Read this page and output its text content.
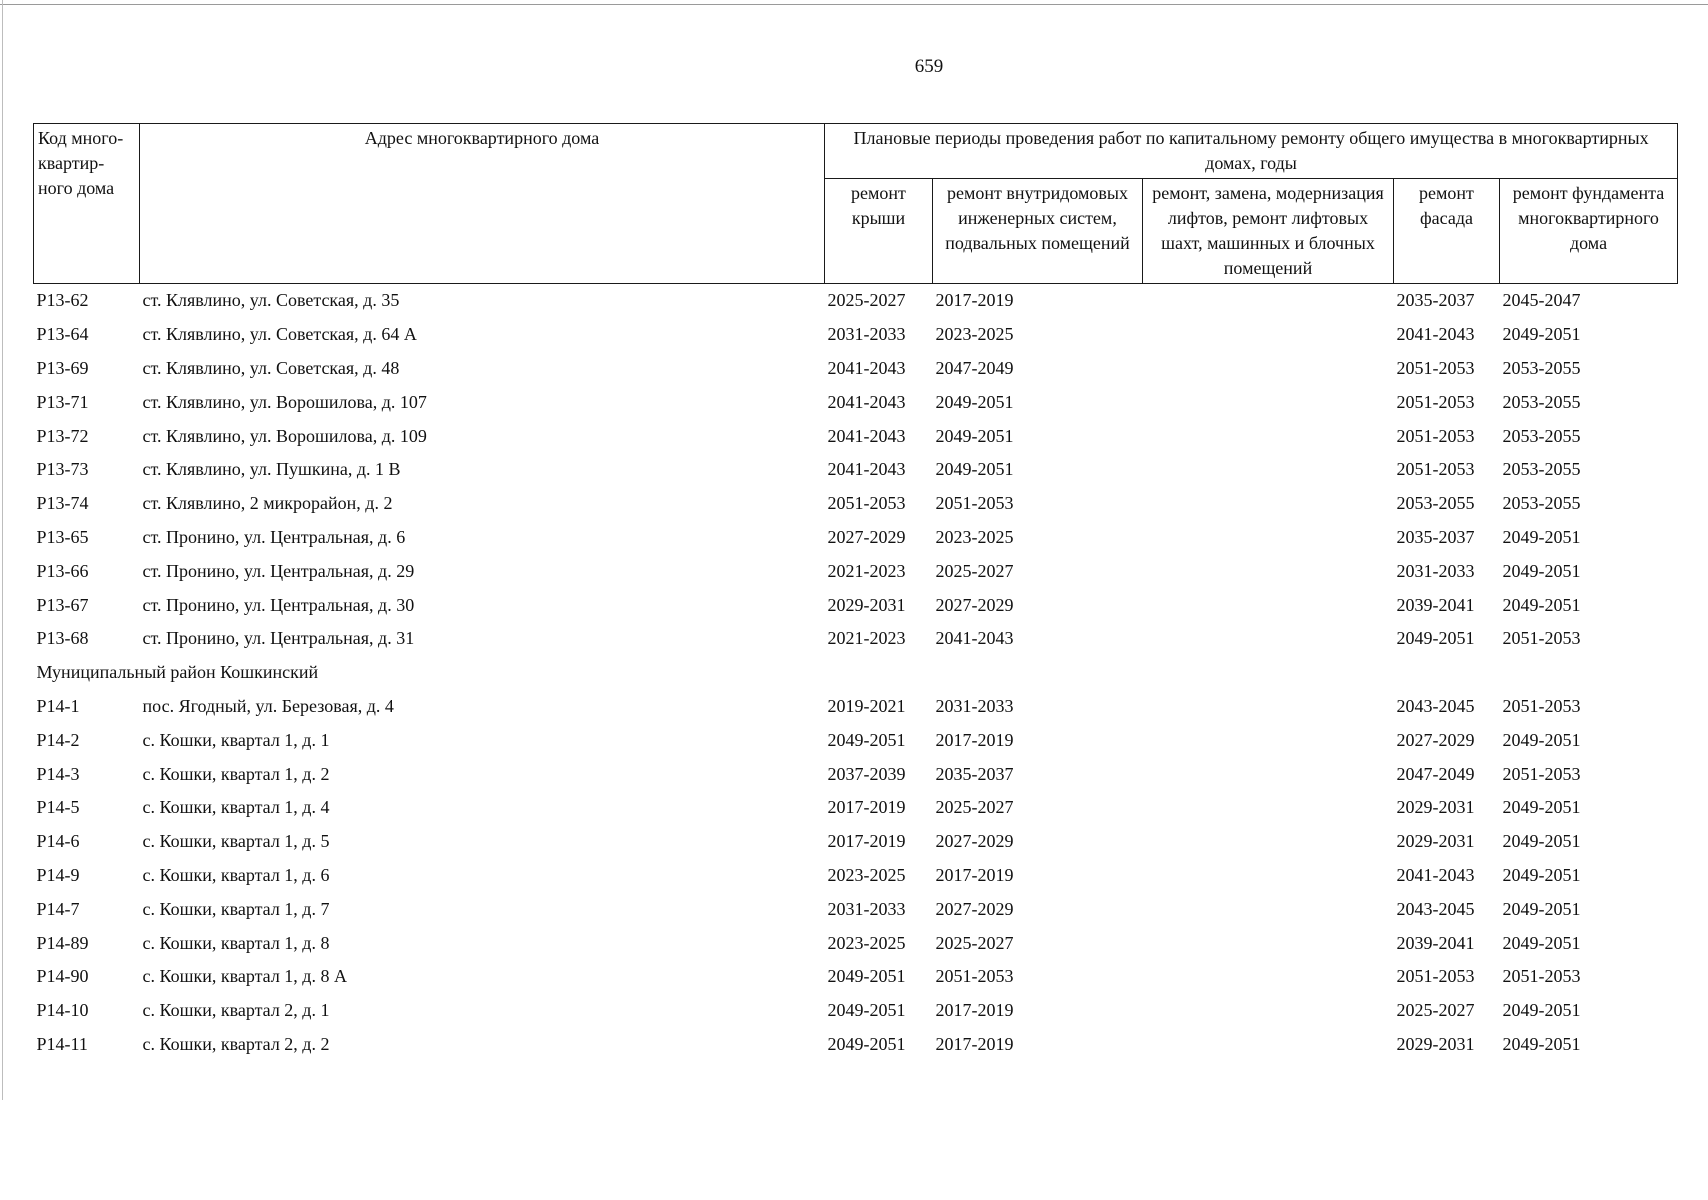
659
Код много-квартир-ного дома	Адрес многоквартирного дома	Плановые периоды проведения работ по капитальному ремонту общего имущества в многоквартирных домах, годы				
		ремонт крыши	ремонт внутридомовых инженерных систем, подвальных помещений	ремонт, замена, модернизация лифтов, ремонт лифтовых шахт, машинных и блочных помещений	ремонт фасада	ремонт фундамента многоквартирного дома
Р13-62	ст. Клявлино, ул. Советская, д. 35	2025-2027	2017-2019		2035-2037	2045-2047
Р13-64	ст. Клявлино, ул. Советская, д. 64 А	2031-2033	2023-2025		2041-2043	2049-2051
Р13-69	ст. Клявлино, ул. Советская, д. 48	2041-2043	2047-2049		2051-2053	2053-2055
Р13-71	ст. Клявлино, ул. Ворошилова, д. 107	2041-2043	2049-2051		2051-2053	2053-2055
Р13-72	ст. Клявлино, ул. Ворошилова, д. 109	2041-2043	2049-2051		2051-2053	2053-2055
Р13-73	ст. Клявлино, ул. Пушкина, д. 1 В	2041-2043	2049-2051		2051-2053	2053-2055
Р13-74	ст. Клявлино, 2 микрорайон, д. 2	2051-2053	2051-2053		2053-2055	2053-2055
Р13-65	ст. Пронино, ул. Центральная, д. 6	2027-2029	2023-2025		2035-2037	2049-2051
Р13-66	ст. Пронино, ул. Центральная, д. 29	2021-2023	2025-2027		2031-2033	2049-2051
Р13-67	ст. Пронино, ул. Центральная, д. 30	2029-2031	2027-2029		2039-2041	2049-2051
Р13-68	ст. Пронино, ул. Центральная, д. 31	2021-2023	2041-2043		2049-2051	2051-2053
Муниципальный район Кошкинский						
Р14-1	пос. Ягодный, ул. Березовая, д. 4	2019-2021	2031-2033		2043-2045	2051-2053
Р14-2	с. Кошки, квартал 1, д. 1	2049-2051	2017-2019		2027-2029	2049-2051
Р14-3	с. Кошки, квартал 1, д. 2	2037-2039	2035-2037		2047-2049	2051-2053
Р14-5	с. Кошки, квартал 1, д. 4	2017-2019	2025-2027		2029-2031	2049-2051
Р14-6	с. Кошки, квартал 1, д. 5	2017-2019	2027-2029		2029-2031	2049-2051
Р14-9	с. Кошки, квартал 1, д. 6	2023-2025	2017-2019		2041-2043	2049-2051
Р14-7	с. Кошки, квартал 1, д. 7	2031-2033	2027-2029		2043-2045	2049-2051
Р14-89	с. Кошки, квартал 1, д. 8	2023-2025	2025-2027		2039-2041	2049-2051
Р14-90	с. Кошки, квартал 1, д. 8 А	2049-2051	2051-2053		2051-2053	2051-2053
Р14-10	с. Кошки, квартал 2, д. 1	2049-2051	2017-2019		2025-2027	2049-2051
Р14-11	с. Кошки, квартал 2, д. 2	2049-2051	2017-2019		2029-2031	2049-2051
